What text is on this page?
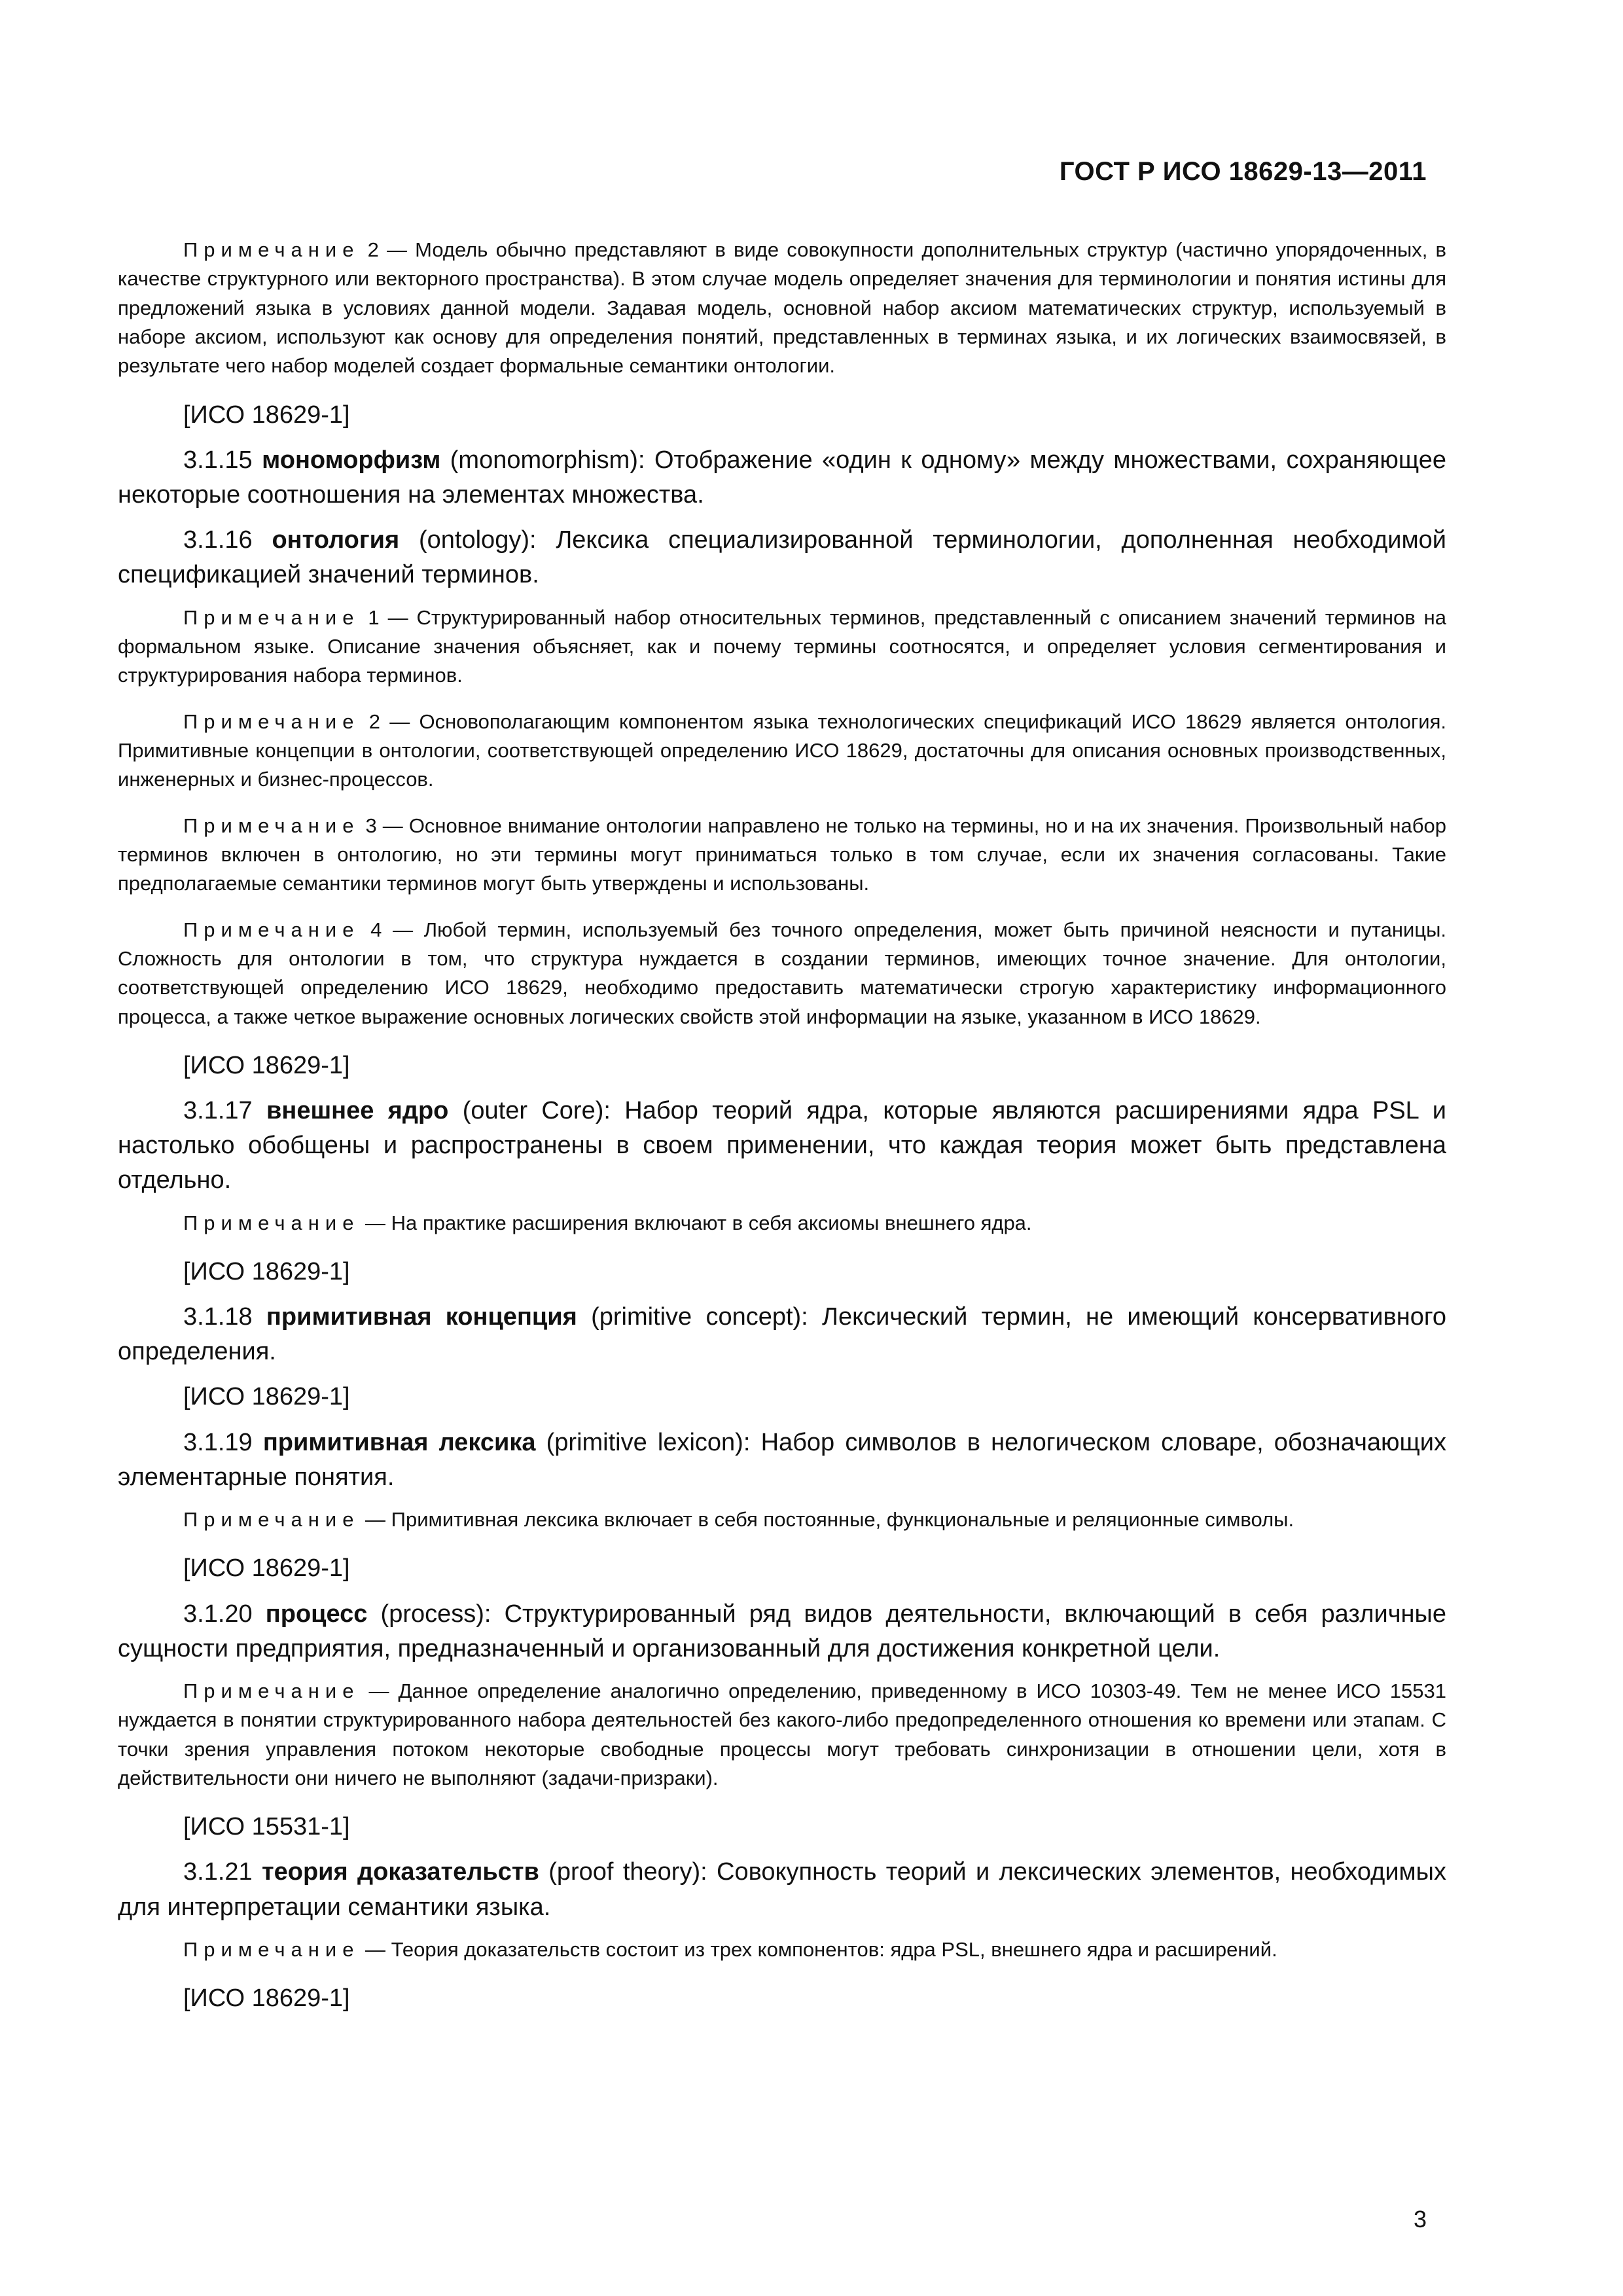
ГОСТ Р ИСО 18629-13—2011

Примечание 2 — Модель обычно представляют в виде совокупности дополнительных структур (частично упорядоченных, в качестве структурного или векторного пространства). В этом случае модель определяет значения для терминологии и понятия истины для предложений языка в условиях данной модели. Задавая модель, основной набор аксиом математических структур, используемый в наборе аксиом, используют как основу для определения понятий, представленных в терминах языка, и их логических взаимосвязей, в результате чего набор моделей создает формальные семантики онтологии.

[ИСО 18629-1]

3.1.15 мономорфизм (monomorphism): Отображение «один к одному» между множествами, сохраняющее некоторые соотношения на элементах множества.

3.1.16 онтология (ontology): Лексика специализированной терминологии, дополненная необходимой спецификацией значений терминов.

Примечание 1 — Структурированный набор относительных терминов, представленный с описанием значений терминов на формальном языке. Описание значения объясняет, как и почему термины соотносятся, и определяет условия сегментирования и структурирования набора терминов.

Примечание 2 — Основополагающим компонентом языка технологических спецификаций ИСО 18629 является онтология. Примитивные концепции в онтологии, соответствующей определению ИСО 18629, достаточны для описания основных производственных, инженерных и бизнес-процессов.

Примечание 3 — Основное внимание онтологии направлено не только на термины, но и на их значения. Произвольный набор терминов включен в онтологию, но эти термины могут приниматься только в том случае, если их значения согласованы. Такие предполагаемые семантики терминов могут быть утверждены и использованы.

Примечание 4 — Любой термин, используемый без точного определения, может быть причиной неясности и путаницы. Сложность для онтологии в том, что структура нуждается в создании терминов, имеющих точное значение. Для онтологии, соответствующей определению ИСО 18629, необходимо предоставить математически строгую характеристику информационного процесса, а также четкое выражение основных логических свойств этой информации на языке, указанном в ИСО 18629.

[ИСО 18629-1]

3.1.17 внешнее ядро (outer Core): Набор теорий ядра, которые являются расширениями ядра PSL и настолько обобщены и распространены в своем применении, что каждая теория может быть представлена отдельно.

Примечание — На практике расширения включают в себя аксиомы внешнего ядра.

[ИСО 18629-1]

3.1.18 примитивная концепция (primitive concept): Лексический термин, не имеющий консервативного определения.

[ИСО 18629-1]

3.1.19 примитивная лексика (primitive lexicon): Набор символов в нелогическом словаре, обозначающих элементарные понятия.

Примечание — Примитивная лексика включает в себя постоянные, функциональные и реляционные символы.

[ИСО 18629-1]

3.1.20 процесс (process): Структурированный ряд видов деятельности, включающий в себя различные сущности предприятия, предназначенный и организованный для достижения конкретной цели.

Примечание — Данное определение аналогично определению, приведенному в ИСО 10303-49. Тем не менее ИСО 15531 нуждается в понятии структурированного набора деятельностей без какого-либо предопределенного отношения ко времени или этапам. С точки зрения управления потоком некоторые свободные процессы могут требовать синхронизации в отношении цели, хотя в действительности они ничего не выполняют (задачи-призраки).

[ИСО 15531-1]

3.1.21 теория доказательств (proof theory): Совокупность теорий и лексических элементов, необходимых для интерпретации семантики языка.

Примечание — Теория доказательств состоит из трех компонентов: ядра PSL, внешнего ядра и расширений.

[ИСО 18629-1]

3
